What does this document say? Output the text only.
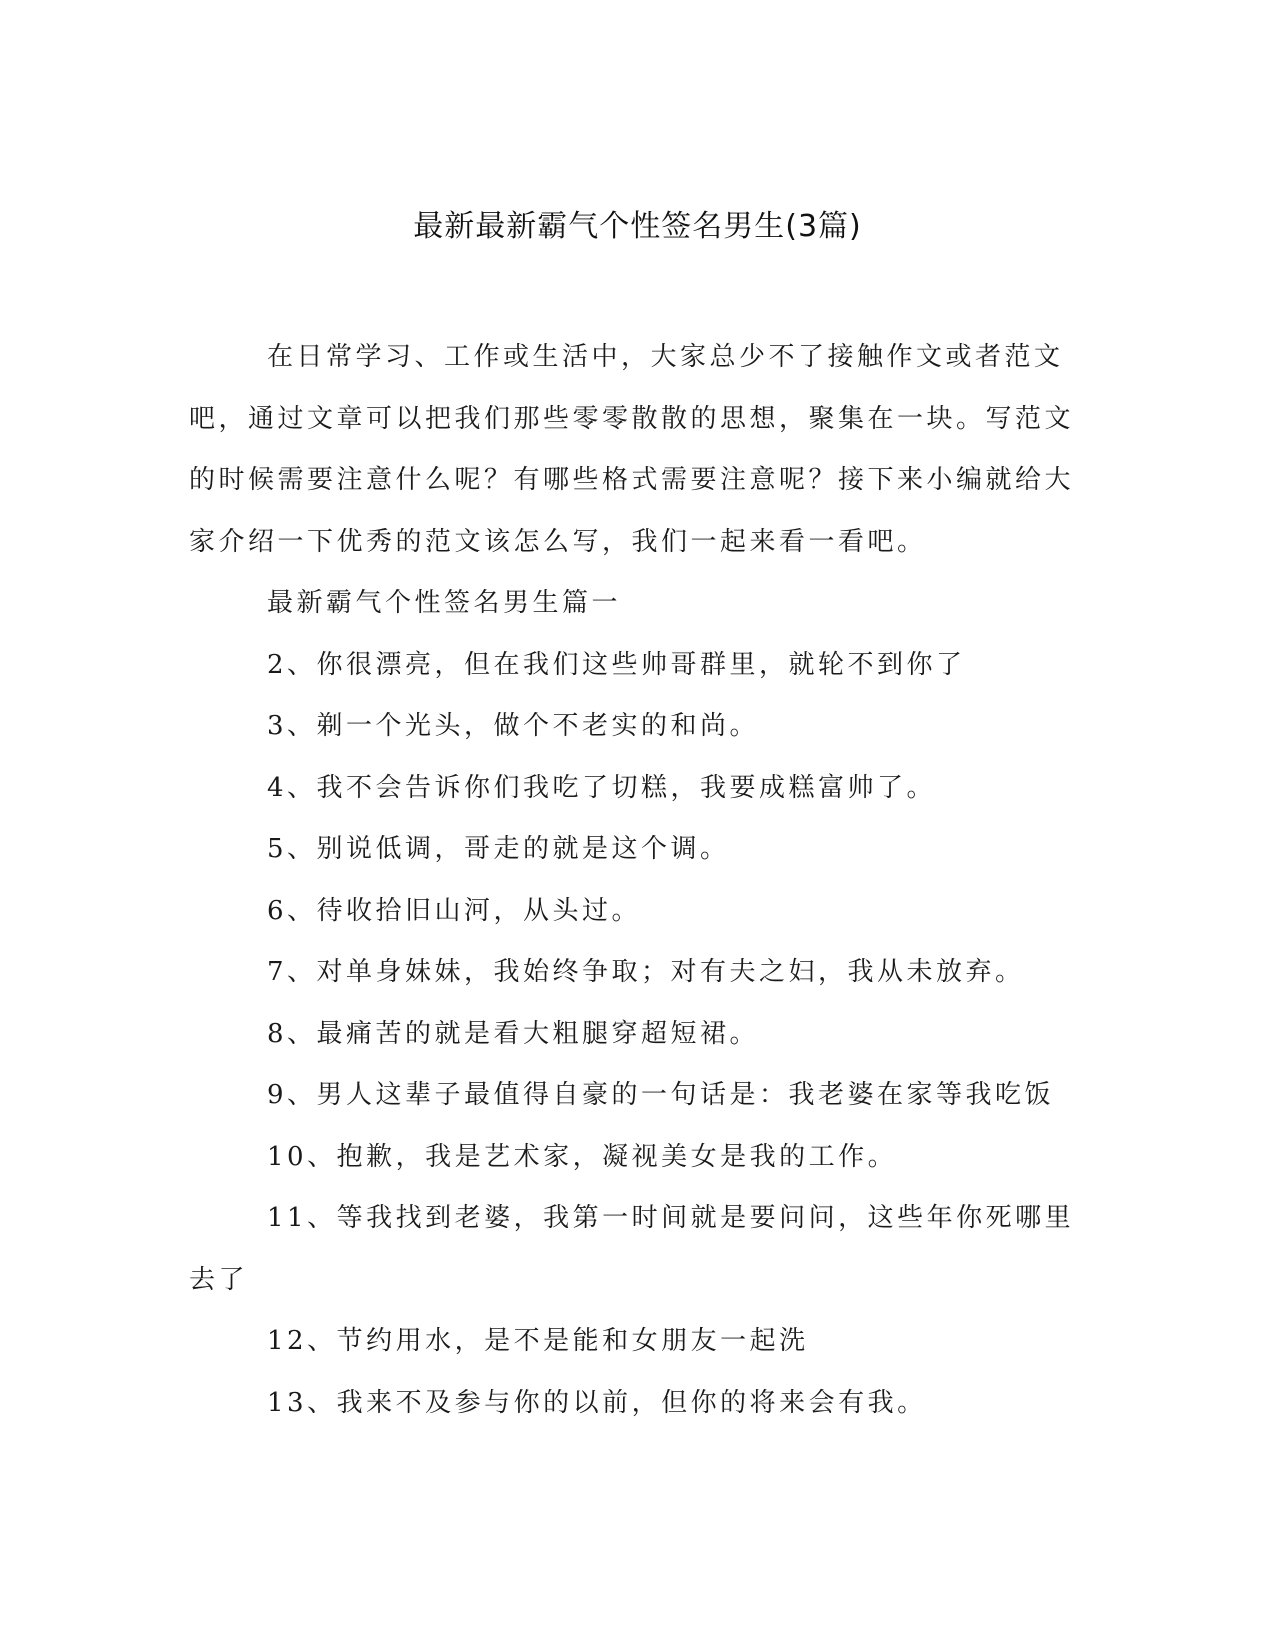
最新最新霸气个性签名男生(3篇)

在日常学习、工作或生活中，大家总少不了接触作文或者范文吧，通过文章可以把我们那些零零散散的思想，聚集在一块。写范文的时候需要注意什么呢？有哪些格式需要注意呢？接下来小编就给大家介绍一下优秀的范文该怎么写，我们一起来看一看吧。

最新霸气个性签名男生篇一

2、你很漂亮，但在我们这些帅哥群里，就轮不到你了

3、剃一个光头，做个不老实的和尚。

4、我不会告诉你们我吃了切糕，我要成糕富帅了。

5、别说低调，哥走的就是这个调。

6、待收拾旧山河，从头过。

7、对单身妹妹，我始终争取；对有夫之妇，我从未放弃。

8、最痛苦的就是看大粗腿穿超短裙。

9、男人这辈子最值得自豪的一句话是：我老婆在家等我吃饭

10、抱歉，我是艺术家，凝视美女是我的工作。

11、等我找到老婆，我第一时间就是要问问，这些年你死哪里去了

12、节约用水，是不是能和女朋友一起洗

13、我来不及参与你的以前，但你的将来会有我。
